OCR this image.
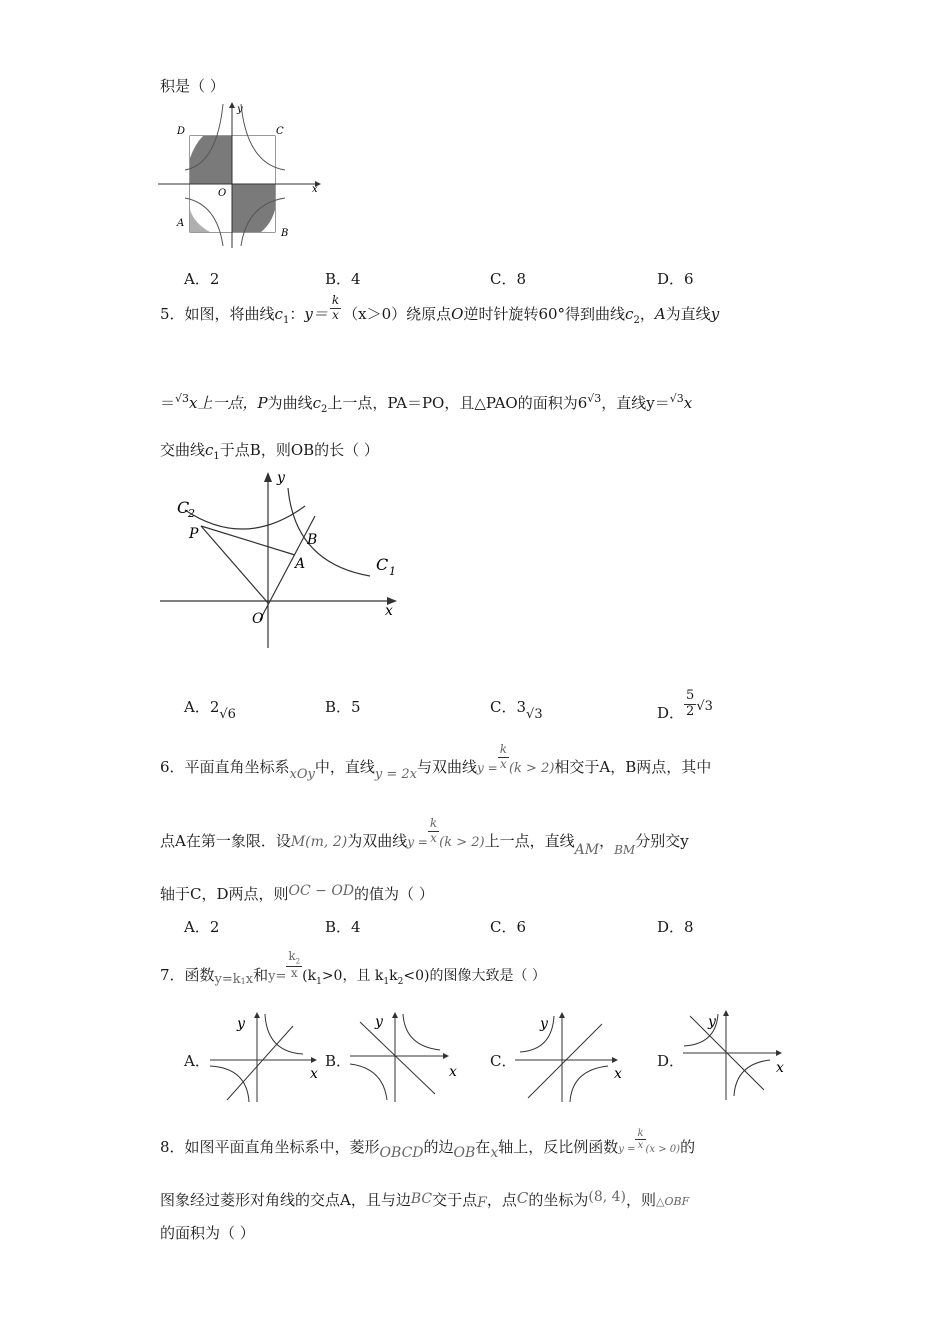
积是（ ）
y
x
O
A
B
C
D
A．2	B．4	C．8	D．6
5．如图，将曲线$c_1$：$y= \frac{k}{x} (x>0)$绕原点O逆时针旋转60°得到曲线$c_2$，A为直线y
＝$^{√3}$x上一点，P为曲线$c_2$上一点，PA＝PO，且△PAO的面积为$6^{√3}$，直线y＝$^{√3}$x
交曲线$c_1$于点B，则OB的长（ ）
C
2
P
y
B
A	C 1
O	x
A．2√6	B．5	C．3√3	D． $\frac{5}{2} √3$
6．平面直角坐标系xOy中，直线y = 2x与双曲线$y = \frac{k}{x} (k > 2)$相交于A，B两点，其中
点A在第一象限．设M(m, 2)为双曲线$y = \frac{k}{x} (k > 2)$上一点，直线AM，$_{BM}$分别交y
轴于C，D两点，则OC − OD的值为（ ）
A．2	B．4	C．6	D．8
7．函数$y=k_1x$和$y= \frac{k_2}{x} (k_1>0$，且 $k_1k_2<0$)的图像大致是（ ）
A．	B．	C．	D．
y
x
y
x
y
x
y
x
8．如图平面直角坐标系中，菱形OBCD的边OB在x轴上，反比例函数$y = \frac{k}{x} (x > 0)$的
图象经过菱形对角线的交点Α，且与边BC交于点F，点C的坐标为(8, 4)，则△OBF
的面积为（ ）
